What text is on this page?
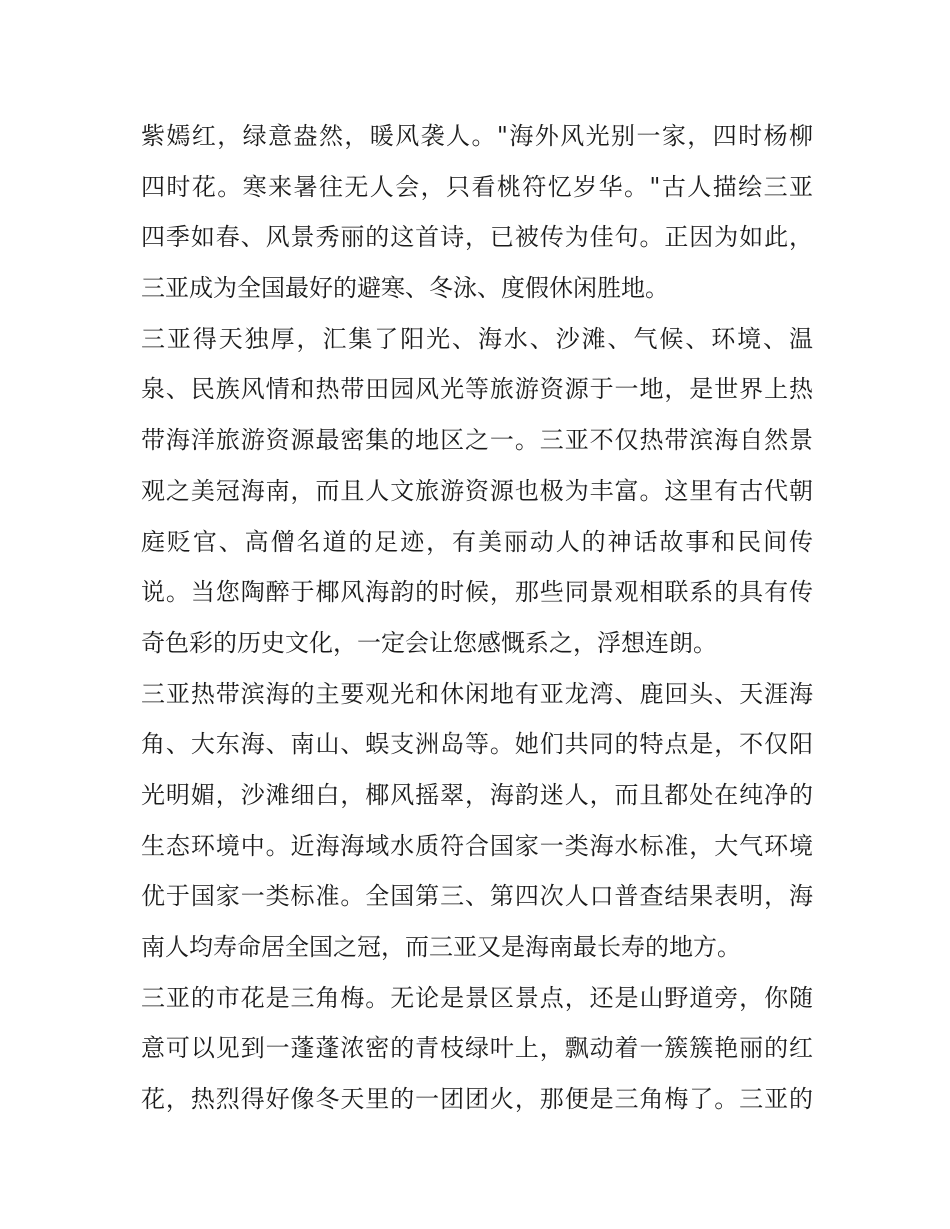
紫嫣红，绿意盎然，暖风袭人。"海外风光别一家，四时杨柳
四时花。寒来暑往无人会，只看桃符忆岁华。"古人描绘三亚
四季如春、风景秀丽的这首诗，已被传为佳句。正因为如此，
三亚成为全国最好的避寒、冬泳、度假休闲胜地。
三亚得天独厚，汇集了阳光、海水、沙滩、气候、环境、温
泉、民族风情和热带田园风光等旅游资源于一地，是世界上热
带海洋旅游资源最密集的地区之一。三亚不仅热带滨海自然景
观之美冠海南，而且人文旅游资源也极为丰富。这里有古代朝
庭贬官、高僧名道的足迹，有美丽动人的神话故事和民间传
说。当您陶醉于椰风海韵的时候，那些同景观相联系的具有传
奇色彩的历史文化，一定会让您感慨系之，浮想连朗。
三亚热带滨海的主要观光和休闲地有亚龙湾、鹿回头、天涯海
角、大东海、南山、蜈支洲岛等。她们共同的特点是，不仅阳
光明媚，沙滩细白，椰风摇翠，海韵迷人，而且都处在纯净的
生态环境中。近海海域水质符合国家一类海水标准，大气环境
优于国家一类标准。全国第三、第四次人口普查结果表明，海
南人均寿命居全国之冠，而三亚又是海南最长寿的地方。
三亚的市花是三角梅。无论是景区景点，还是山野道旁，你随
意可以见到一蓬蓬浓密的青枝绿叶上，飘动着一簇簇艳丽的红
花，热烈得好像冬天里的一团团火，那便是三角梅了。三亚的
